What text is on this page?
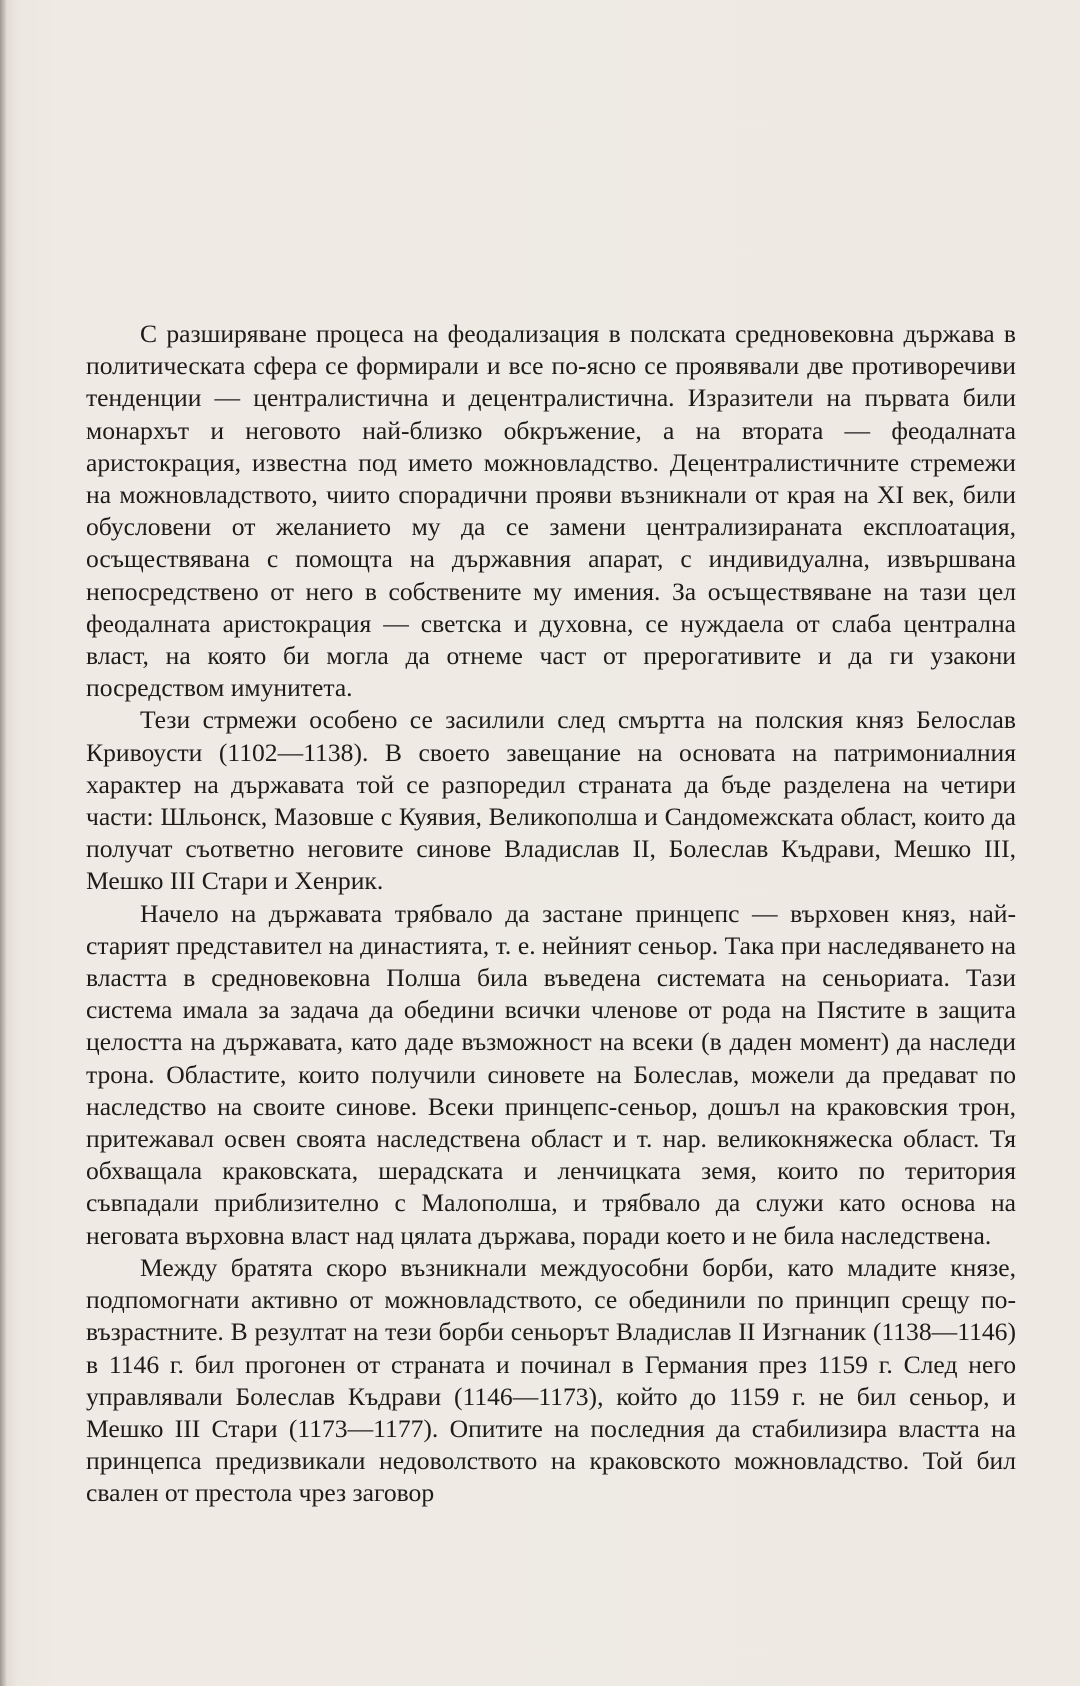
С разширяване процеса на феодализация в полската средновековна държава в политическата сфера се формирали и все по-ясно се проявявали две противоречиви тенденции — централистична и децентралистична. Изразители на първата били монархът и неговото най-близко обкръжение, а на втората — феодалната аристокрация, известна под името можновладство. Децентралистичните стремежи на можновладството, чиито спорадични прояви възникнали от края на XI век, били обусловени от желанието му да се замени централизираната експлоатация, осъществявана с помощта на държавния апарат, с индивидуална, извършвана непосредствено от него в собствените му имения. За осъществяване на тази цел феодалната аристокрация — светска и духовна, се нуждаела от слаба централна власт, на която би могла да отнеме част от прерогативите и да ги узакони посредством имунитета.

Тези стрмежи особено се засилили след смъртта на полския княз Белослав Кривоусти (1102—1138). В своето завещание на основата на патримониалния характер на държавата той се разпоредил страната да бъде разделена на четири части: Шльонск, Мазовше с Куявия, Великополша и Сандомежската област, които да получат съответно неговите синове Владислав II, Болеслав Къдрави, Мешко III, Мешко III Стари и Хенрик.

Начело на държавата трябвало да застане принцепс — върховен княз, най-старият представител на династията, т. е. нейният сеньор. Така при наследяването на властта в средновековна Полша била въведена системата на сеньориата. Тази система имала за задача да обедини всички членове от рода на Пястите в защита целостта на държавата, като даде възможност на всеки (в даден момент) да наследи трона. Областите, които получили синовете на Болеслав, можели да предават по наследство на своите синове. Всеки принцепс-сеньор, дошъл на краковския трон, притежавал освен своята наследствена област и т. нар. великокняжеска област. Тя обхващала краковската, шерадската и ленчицката земя, които по територия съвпадали приблизително с Малополша, и трябвало да служи като основа на неговата върховна власт над цялата държава, поради което и не била наследствена.

Между братята скоро възникнали междуособни борби, като младите князе, подпомогнати активно от можновладството, се обединили по принцип срещу по-възрастните. В резултат на тези борби сеньорът Владислав II Изгнаник (1138—1146) в 1146 г. бил прогонен от страната и починал в Германия през 1159 г. След него управлявали Болеслав Къдрави (1146—1173), който до 1159 г. не бил сеньор, и Мешко III Стари (1173—1177). Опитите на последния да стабилизира властта на принцепса предизвикали недоволството на краковското можновладство. Той бил свален от престола чрез заговор
